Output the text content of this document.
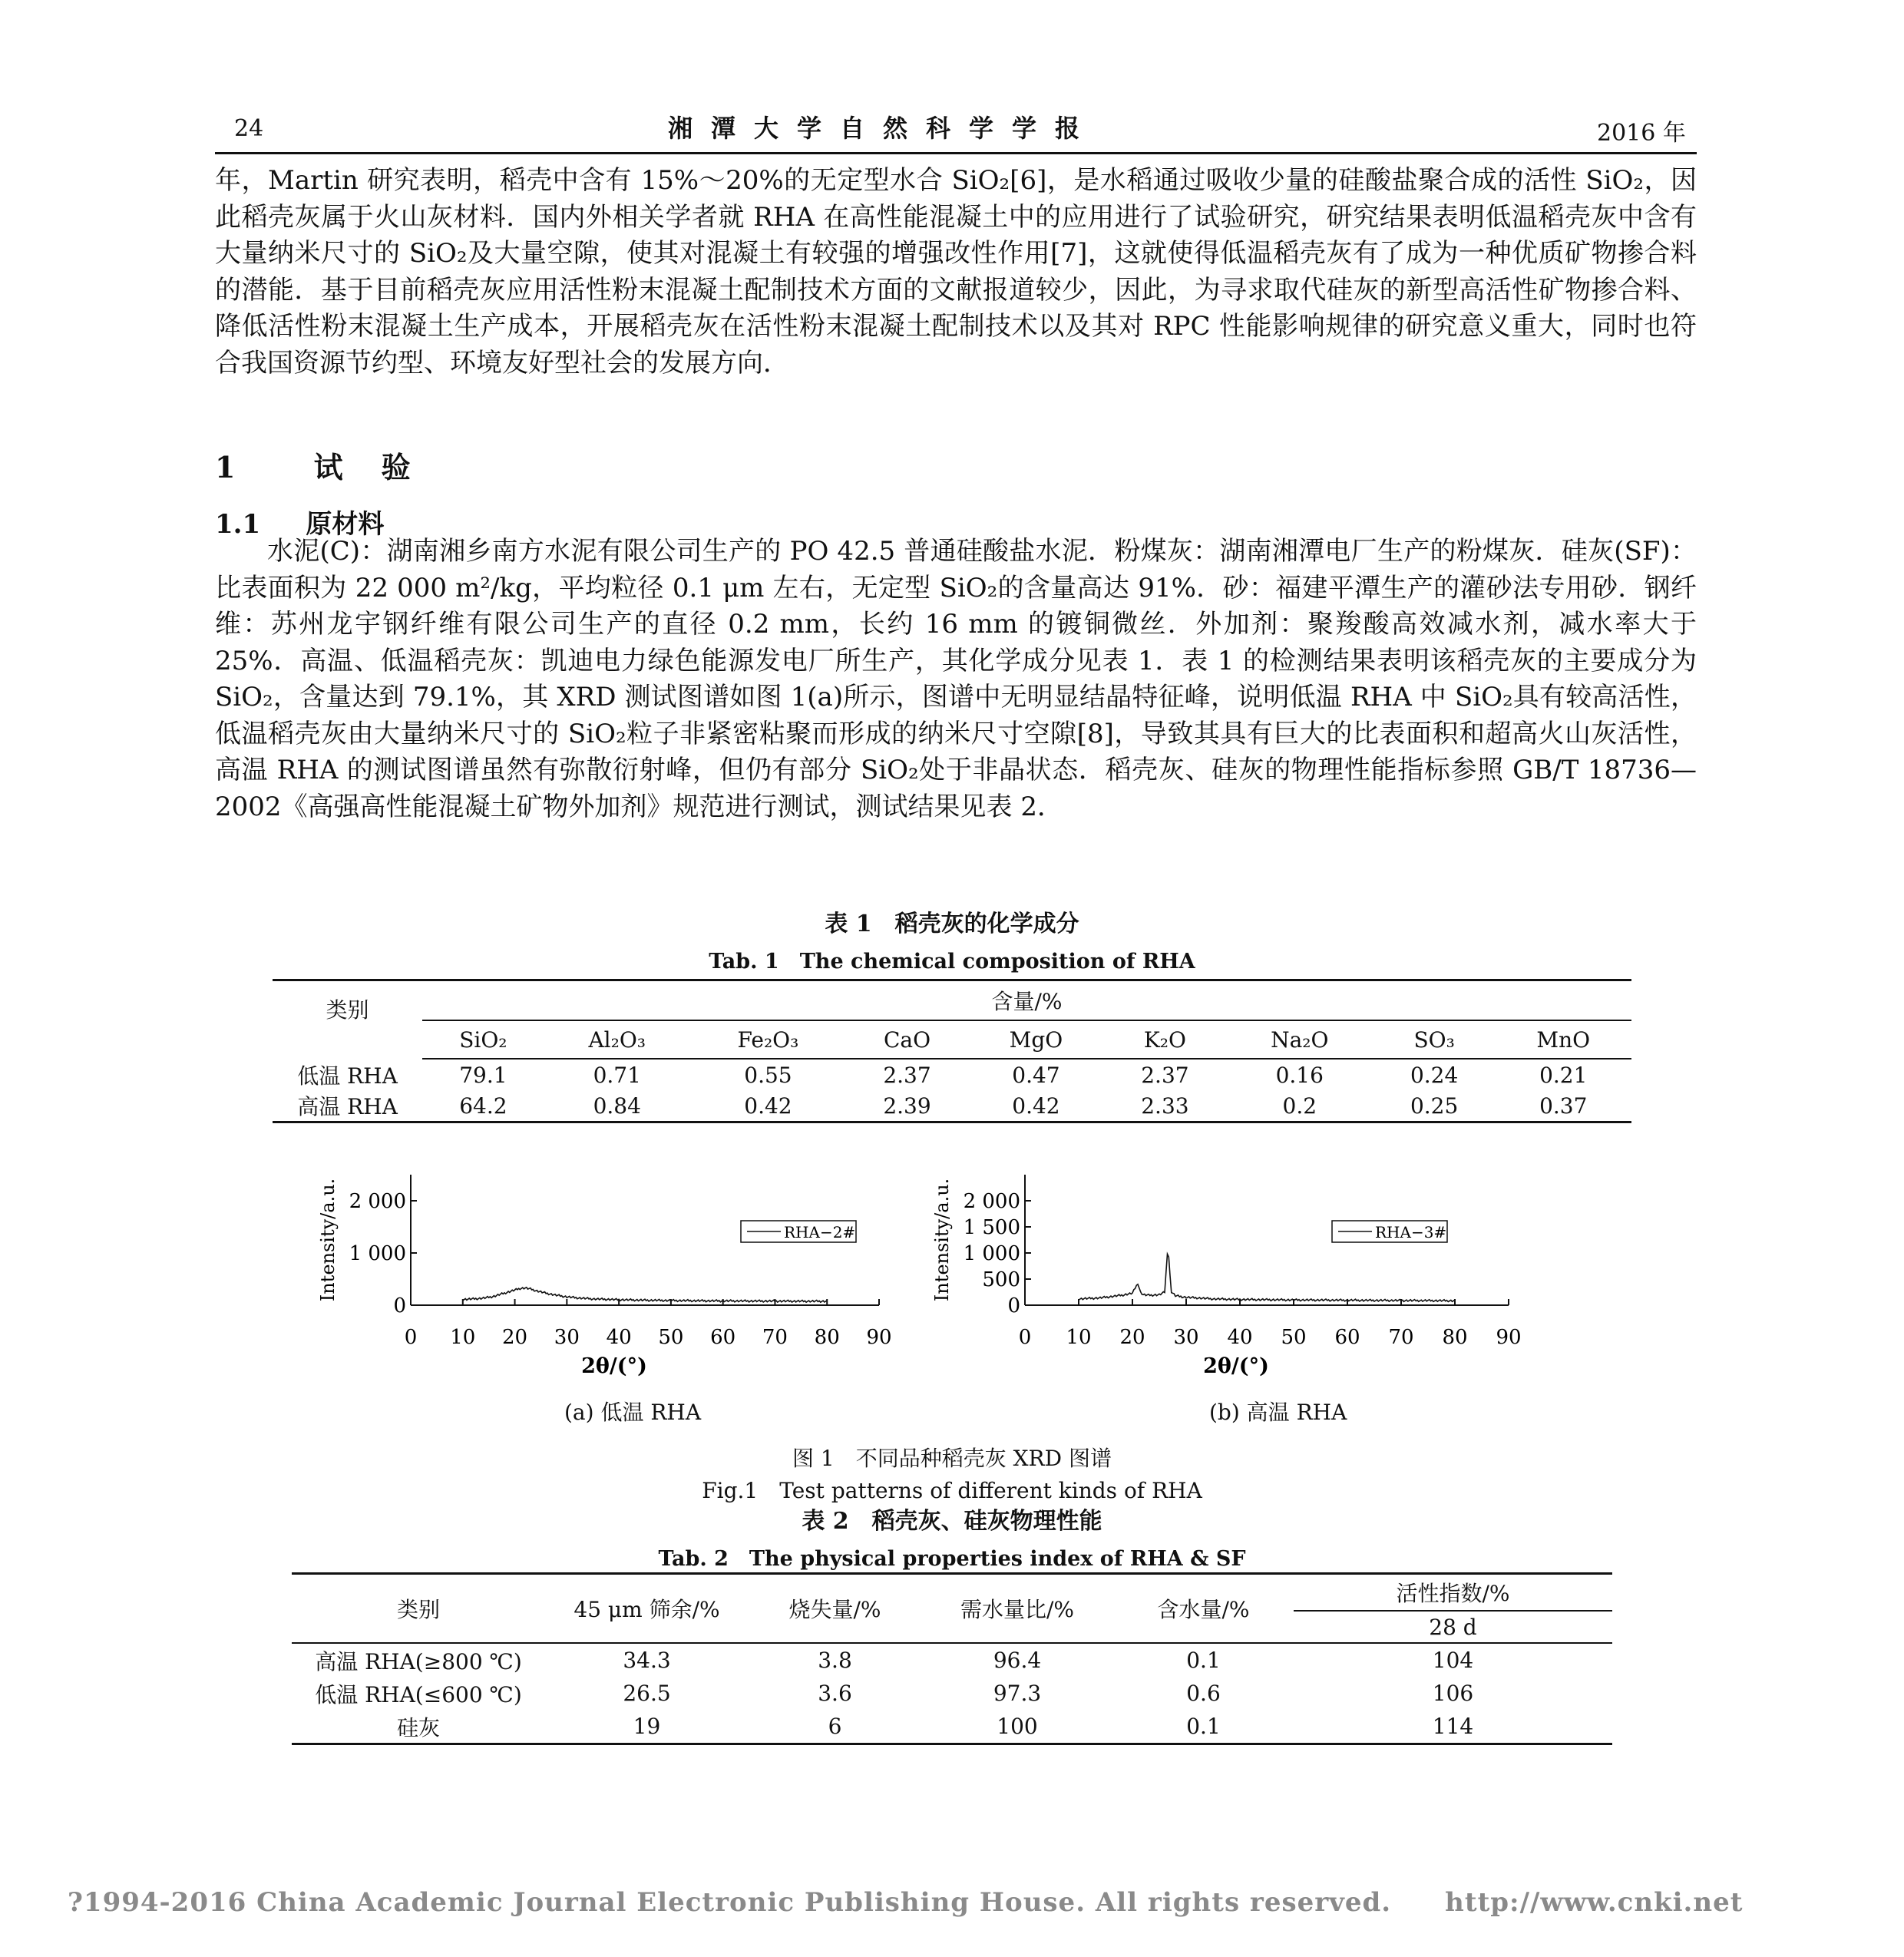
24	湘潭大学自然科学学报	2016 年
年，Martin 研究表明，稻壳中含有 15%～20%的无定型水合 SiO₂[6]，是水稻通过吸收少量的硅酸盐聚合成的活性 SiO₂，因此稻壳灰属于火山灰材料．国内外相关学者就 RHA 在高性能混凝土中的应用进行了试验研究，研究结果表明低温稻壳灰中含有大量纳米尺寸的 SiO₂及大量空隙，使其对混凝土有较强的增强改性作用[7]，这就使得低温稻壳灰有了成为一种优质矿物掺合料的潜能．基于目前稻壳灰应用活性粉末混凝土配制技术方面的文献报道较少，因此，为寻求取代硅灰的新型高活性矿物掺合料、降低活性粉末混凝土生产成本，开展稻壳灰在活性粉末混凝土配制技术以及其对 RPC 性能影响规律的研究意义重大，同时也符合我国资源节约型、环境友好型社会的发展方向．
1	试　验
1.1 原材料
水泥(C)：湖南湘乡南方水泥有限公司生产的 PO 42.5 普通硅酸盐水泥．粉煤灰：湖南湘潭电厂生产的粉煤灰．硅灰(SF)：比表面积为 22 000 m²/kg，平均粒径 0.1 μm 左右，无定型 SiO₂的含量高达 91%．砂：福建平潭生产的灌砂法专用砂．钢纤维：苏州龙宇钢纤维有限公司生产的直径 0.2 mm，长约 16 mm 的镀铜微丝．外加剂：聚羧酸高效减水剂，减水率大于 25%．高温、低温稻壳灰：凯迪电力绿色能源发电厂所生产，其化学成分见表 1．表 1 的检测结果表明该稻壳灰的主要成分为 SiO₂，含量达到 79.1%，其 XRD 测试图谱如图 1(a)所示，图谱中无明显结晶特征峰，说明低温 RHA 中 SiO₂具有较高活性，低温稻壳灰由大量纳米尺寸的 SiO₂粒子非紧密粘聚而形成的纳米尺寸空隙[8]，导致其具有巨大的比表面积和超高火山灰活性，高温 RHA 的测试图谱虽然有弥散衍射峰，但仍有部分 SiO₂处于非晶状态．稻壳灰、硅灰的物理性能指标参照 GB/T 18736—2002《高强高性能混凝土矿物外加剂》规范进行测试，测试结果见表 2．
表 1　稻壳灰的化学成分
Tab. 1　The chemical composition of RHA
类别	含量/%								
	SiO₂	Al₂O₃	Fe₂O₃	CaO	MgO	K₂O	Na₂O	SO₃	MnO
低温 RHA	79.1	0.71	0.55	2.37	0.47	2.37	0.16	0.24	0.21
高温 RHA	64.2	0.84	0.42	2.39	0.42	2.33	0.2	0.25	0.37
0 10 20 30 40 50 60 70 80 90
0
1 000
2 000
2θ/(°)
Intensity/a.u.	RHA−2#
0 10 20 30 40 50 60 70 80 90
0
500
1 000
1 500
2 000
2θ/(°)
Intensity/a.u.	RHA−3#
(a) 低温 RHA	(b) 高温 RHA
图 1　不同品种稻壳灰 XRD 图谱
Fig.1　Test patterns of different kinds of RHA
表 2　稻壳灰、硅灰物理性能
Tab. 2　The physical properties index of RHA & SF
类别	45 μm 筛余/%	烧失量/%	需水量比/%	含水量/%	活性指数/%
					28 d
高温 RHA(≥800 ℃)	34.3	3.8	96.4	0.1	104
低温 RHA(≤600 ℃)	26.5	3.6	97.3	0.6	106
硅灰	19	6	100	0.1	114
?1994-2016 China Academic Journal Electronic Publishing House. All rights reserved.　　http://www.cnki.net
